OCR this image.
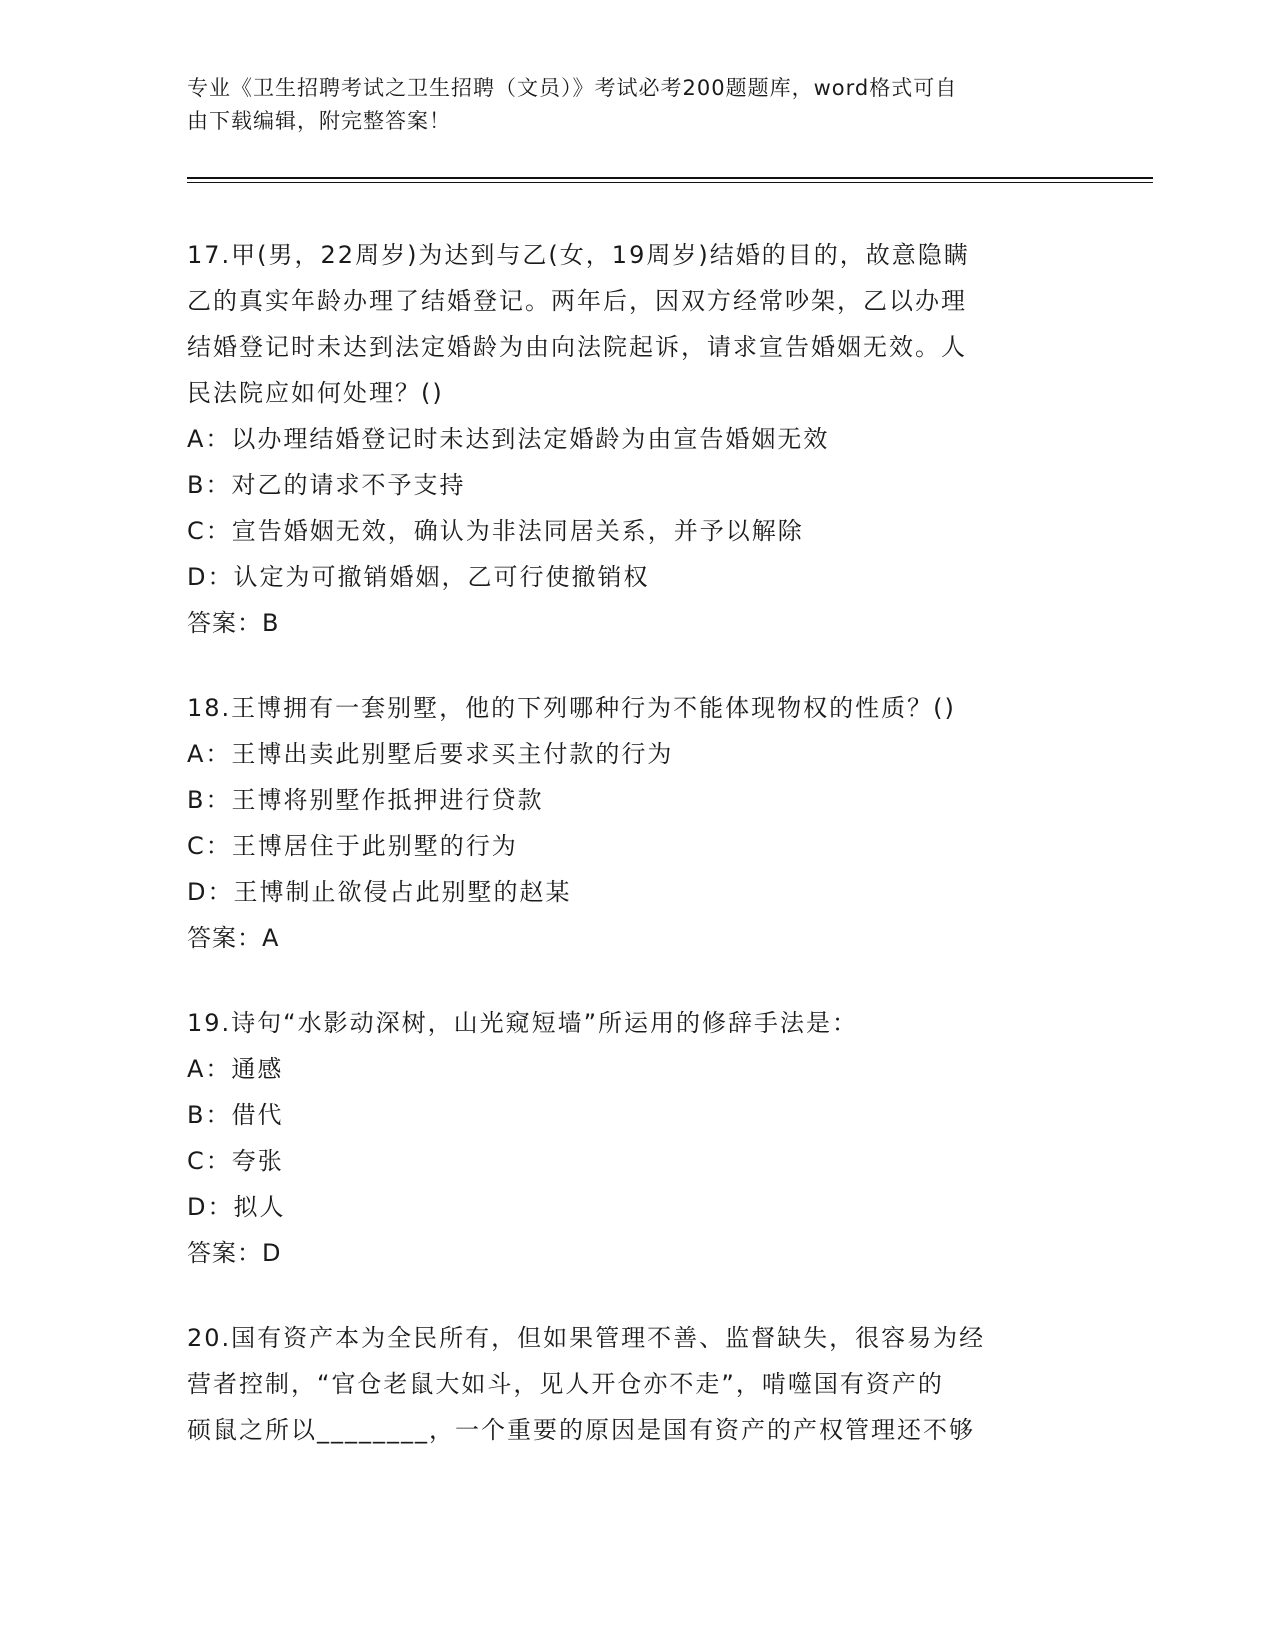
专业《卫生招聘考试之卫生招聘（文员）》考试必考200题题库，word格式可自
由下载编辑，附完整答案！
17.甲(男，22周岁)为达到与乙(女，19周岁)结婚的目的，故意隐瞒
乙的真实年龄办理了结婚登记。两年后，因双方经常吵架，乙以办理
结婚登记时未达到法定婚龄为由向法院起诉，请求宣告婚姻无效。人
民法院应如何处理？()
A：以办理结婚登记时未达到法定婚龄为由宣告婚姻无效
B：对乙的请求不予支持
C：宣告婚姻无效，确认为非法同居关系，并予以解除
D：认定为可撤销婚姻，乙可行使撤销权
答案：B
18.王博拥有一套别墅，他的下列哪种行为不能体现物权的性质？()
A：王博出卖此别墅后要求买主付款的行为
B：王博将别墅作抵押进行贷款
C：王博居住于此别墅的行为
D：王博制止欲侵占此别墅的赵某
答案：A
19.诗句“水影动深树，山光窥短墙”所运用的修辞手法是：
A：通感
B：借代
C：夸张
D：拟人
答案：D
20.国有资产本为全民所有，但如果管理不善、监督缺失，很容易为经
营者控制，“官仓老鼠大如斗，见人开仓亦不走”，啃噬国有资产的
硕鼠之所以________，一个重要的原因是国有资产的产权管理还不够
